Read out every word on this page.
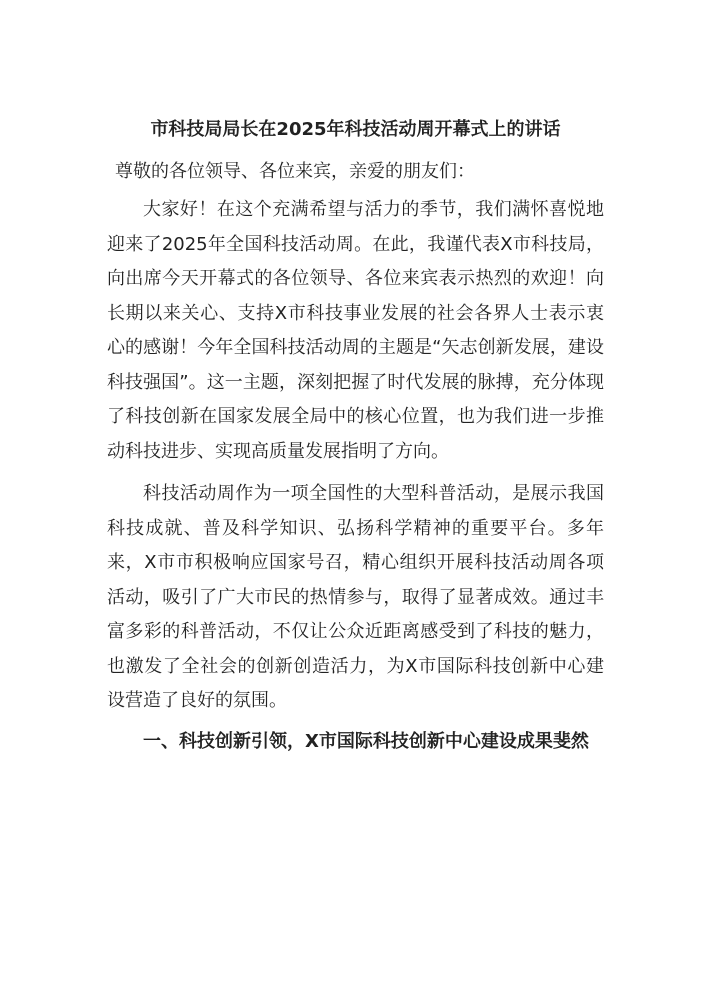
市科技局局长在2025年科技活动周开幕式上的讲话

尊敬的各位领导、各位来宾，亲爱的朋友们：

大家好！在这个充满希望与活力的季节，我们满怀喜悦地迎来了2025年全国科技活动周。在此，我谨代表X市科技局，向出席今天开幕式的各位领导、各位来宾表示热烈的欢迎！向长期以来关心、支持X市科技事业发展的社会各界人士表示衷心的感谢！今年全国科技活动周的主题是“矢志创新发展，建设科技强国”。这一主题，深刻把握了时代发展的脉搏，充分体现了科技创新在国家发展全局中的核心位置，也为我们进一步推动科技进步、实现高质量发展指明了方向。

科技活动周作为一项全国性的大型科普活动，是展示我国科技成就、普及科学知识、弘扬科学精神的重要平台。多年来，X市市积极响应国家号召，精心组织开展科技活动周各项活动，吸引了广大市民的热情参与，取得了显著成效。通过丰富多彩的科普活动，不仅让公众近距离感受到了科技的魅力，也激发了全社会的创新创造活力，为X市国际科技创新中心建设营造了良好的氛围。

一、科技创新引领，X市国际科技创新中心建设成果斐然
